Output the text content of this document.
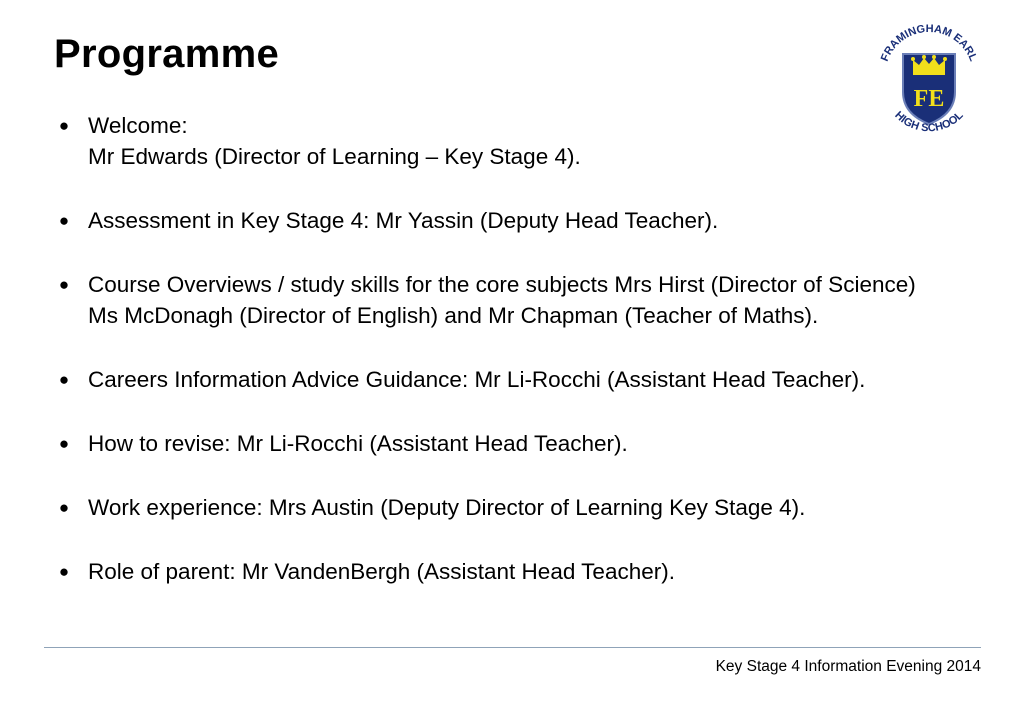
Programme	FRAMINGHAM EARL
FE
HIGH SCHOOL
● Welcome:
Mr Edwards (Director of Learning – Key Stage 4).
● Assessment in Key Stage 4: Mr Yassin (Deputy Head Teacher).
● Course Overviews / study skills for the core subjects Mrs Hirst (Director of Science) Ms McDonagh (Director of English) and Mr Chapman (Teacher of Maths).
● Careers Information Advice Guidance: Mr Li-Rocchi (Assistant Head Teacher).
● How to revise: Mr Li-Rocchi (Assistant Head Teacher).
● Work experience: Mrs Austin (Deputy Director of Learning Key Stage 4).
● Role of parent: Mr VandenBergh (Assistant Head Teacher).
Key Stage 4 Information Evening 2014
